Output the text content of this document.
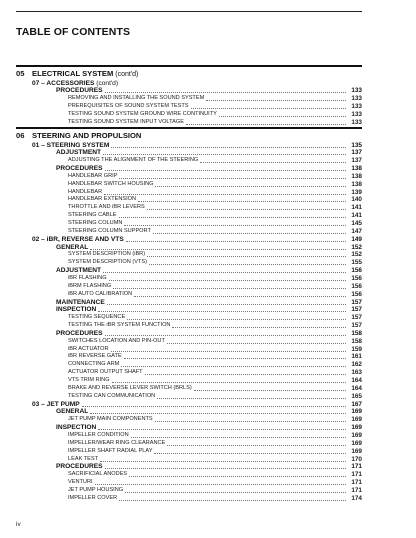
TABLE OF CONTENTS
05 ELECTRICAL SYSTEM (cont'd)
07 – ACCESSORIES (cont'd)
PROCEDURES	133
REMOVING AND INSTALLING THE SOUND SYSTEM	133
PREREQUISITES OF SOUND SYSTEM TESTS	133
TESTING SOUND SYSTEM GROUND WIRE CONTINUITY	133
TESTING SOUND SYSTEM INPUT VOLTAGE	133
06 STEERING AND PROPULSION
01 – STEERING SYSTEM	135
ADJUSTMENT	137
ADJUSTING THE ALIGNMENT OF THE STEERING	137
PROCEDURES	138
HANDLEBAR GRIP	138
HANDLEBAR SWITCH HOUSING	138
HANDLEBAR	139
HANDLEBAR EXTENSION	140
THROTTLE AND iBR LEVERS	141
STEERING CABLE	141
STEERING COLUMN	145
STEERING COLUMN SUPPORT	147
02 – iBR, REVERSE AND VTS	149
GENERAL	152
SYSTEM DESCRIPTION (iBR)	152
SYSTEM DESCRIPTION (VTS)	155
ADJUSTMENT	156
iBR FLASHING	156
iBRM FLASHING	156
iBR AUTO CALIBRATION	156
MAINTENANCE	157
INSPECTION	157
TESTING SEQUENCE	157
TESTING THE iBR SYSTEM FUNCTION	157
PROCEDURES	158
SWITCHES LOCATION AND PIN-OUT	158
iBR ACTUATOR	159
iBR REVERSE GATE	161
CONNECTING ARM	162
ACTUATOR OUTPUT SHAFT	163
VTS TRIM RING	164
BRAKE AND REVERSE LEVER SWITCH (BRLS)	164
TESTING CAN COMMUNICATION	165
03 – JET PUMP	167
GENERAL	169
JET PUMP MAIN COMPONENTS	169
INSPECTION	169
IMPELLER CONDITION	169
IMPELLER/WEAR RING CLEARANCE	169
IMPELLER SHAFT RADIAL PLAY	169
LEAK TEST	170
PROCEDURES	171
SACRIFICIAL ANODES	171
VENTURI	171
JET PUMP HOUSING	171
IMPELLER COVER	174
iv
